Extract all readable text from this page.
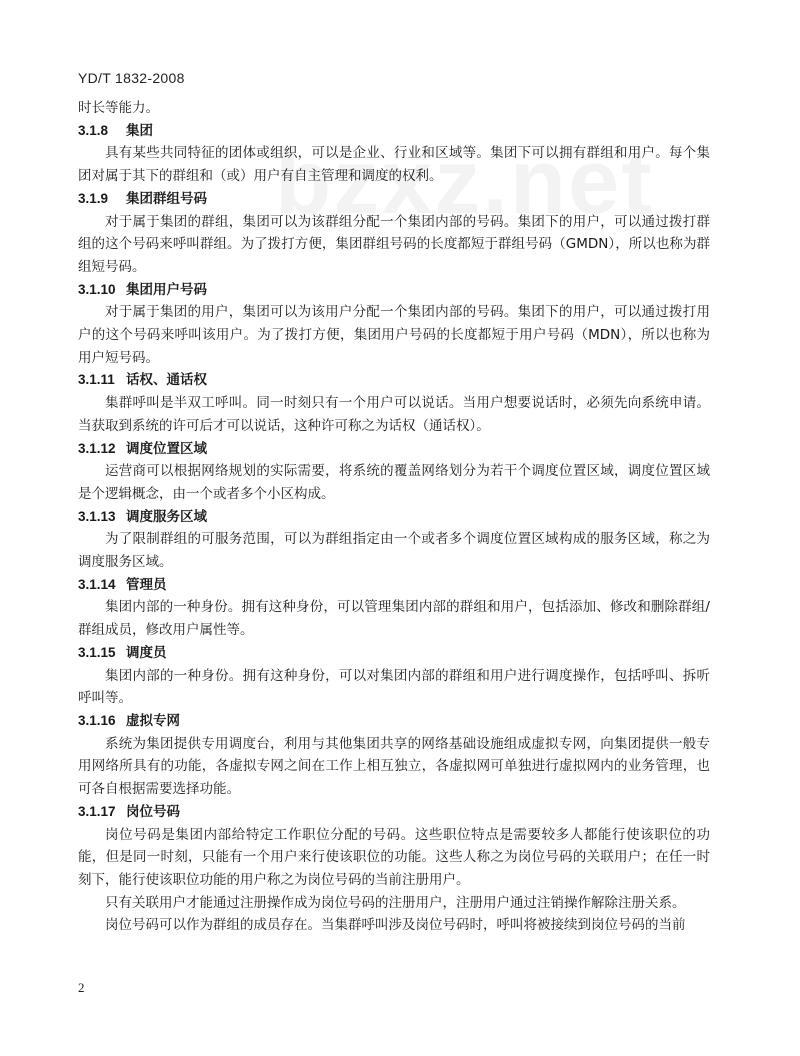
YD/T 1832-2008
时长等能力。
3.1.8 集团
具有某些共同特征的团体或组织，可以是企业、行业和区域等。集团下可以拥有群组和用户。每个集团对属于其下的群组和（或）用户有自主管理和调度的权利。
3.1.9 集团群组号码
对于属于集团的群组，集团可以为该群组分配一个集团内部的号码。集团下的用户，可以通过拨打群组的这个号码来呼叫群组。为了拨打方便，集团群组号码的长度都短于群组号码（GMDN），所以也称为群组短号码。
3.1.10 集团用户号码
对于属于集团的用户，集团可以为该用户分配一个集团内部的号码。集团下的用户，可以通过拨打用户的这个号码来呼叫该用户。为了拨打方便，集团用户号码的长度都短于用户号码（MDN），所以也称为用户短号码。
3.1.11 话权、通话权
集群呼叫是半双工呼叫。同一时刻只有一个用户可以说话。当用户想要说话时，必须先向系统申请。当获取到系统的许可后才可以说话，这种许可称之为话权（通话权）。
3.1.12 调度位置区域
运营商可以根据网络规划的实际需要，将系统的覆盖网络划分为若干个调度位置区域，调度位置区域是个逻辑概念，由一个或者多个小区构成。
3.1.13 调度服务区域
为了限制群组的可服务范围，可以为群组指定由一个或者多个调度位置区域构成的服务区域，称之为调度服务区域。
3.1.14 管理员
集团内部的一种身份。拥有这种身份，可以管理集团内部的群组和用户，包括添加、修改和删除群组/群组成员，修改用户属性等。
3.1.15 调度员
集团内部的一种身份。拥有这种身份，可以对集团内部的群组和用户进行调度操作，包括呼叫、拆听呼叫等。
3.1.16 虚拟专网
系统为集团提供专用调度台，利用与其他集团共享的网络基础设施组成虚拟专网，向集团提供一般专用网络所具有的功能，各虚拟专网之间在工作上相互独立，各虚拟网可单独进行虚拟网内的业务管理，也可各自根据需要选择功能。
3.1.17 岗位号码
岗位号码是集团内部给特定工作职位分配的号码。这些职位特点是需要较多人都能行使该职位的功能，但是同一时刻，只能有一个用户来行使该职位的功能。这些人称之为岗位号码的关联用户；在任一时刻下，能行使该职位功能的用户称之为岗位号码的当前注册用户。
只有关联用户才能通过注册操作成为岗位号码的注册用户，注册用户通过注销操作解除注册关系。
岗位号码可以作为群组的成员存在。当集群呼叫涉及岗位号码时，呼叫将被接续到岗位号码的当前
2
